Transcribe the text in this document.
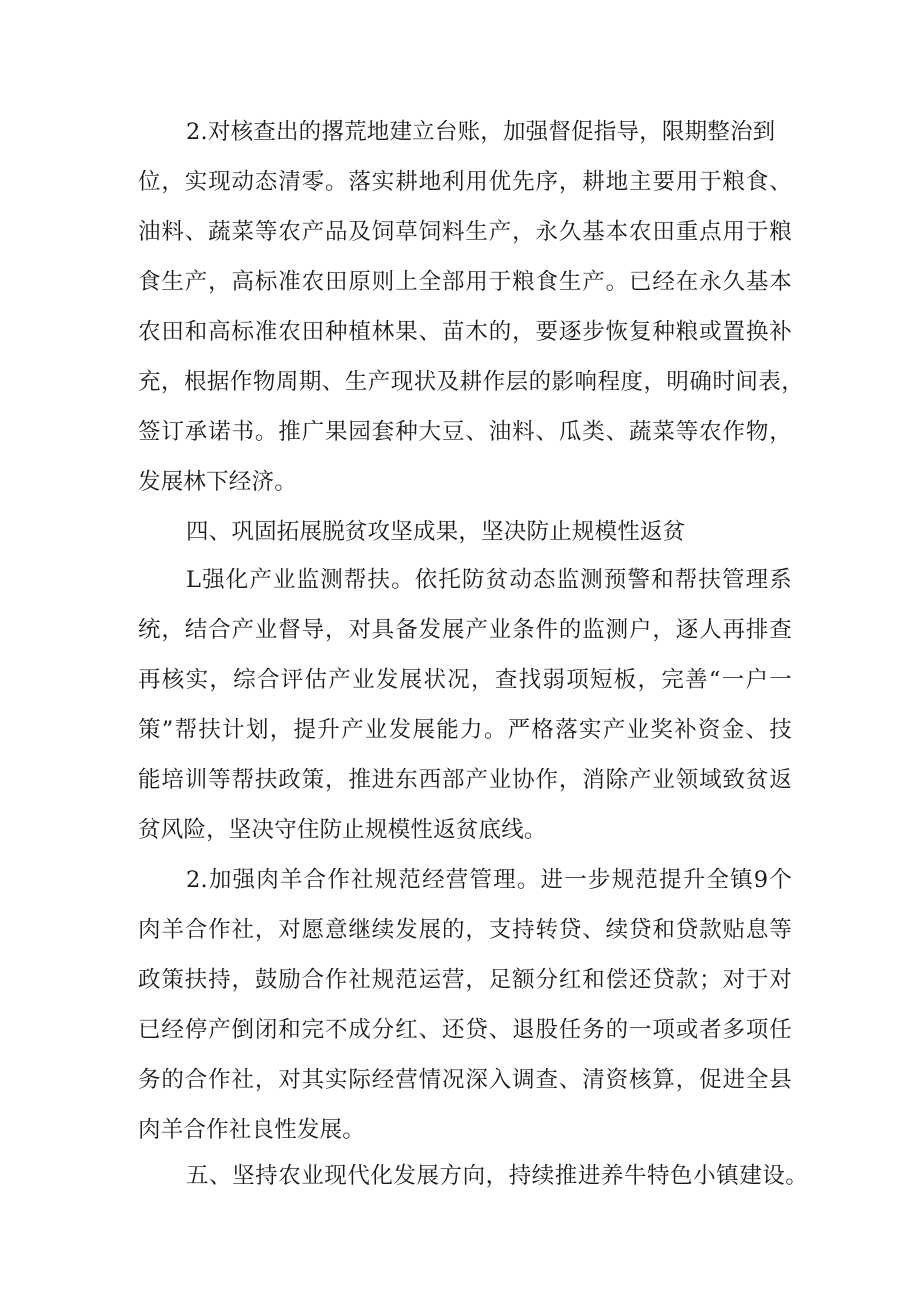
2.对核查出的撂荒地建立台账，加强督促指导，限期整治到
位，实现动态清零。落实耕地利用优先序，耕地主要用于粮食、
油料、蔬菜等农产品及饲草饲料生产，永久基本农田重点用于粮
食生产，高标准农田原则上全部用于粮食生产。已经在永久基本
农田和高标准农田种植林果、苗木的，要逐步恢复种粮或置换补
充，根据作物周期、生产现状及耕作层的影响程度，明确时间表，
签订承诺书。推广果园套种大豆、油料、瓜类、蔬菜等农作物，
发展林下经济。
四、巩固拓展脱贫攻坚成果，坚决防止规模性返贫
L强化产业监测帮扶。依托防贫动态监测预警和帮扶管理系
统，结合产业督导，对具备发展产业条件的监测户，逐人再排查
再核实，综合评估产业发展状况，查找弱项短板，完善“一户一
策”帮扶计划，提升产业发展能力。严格落实产业奖补资金、技
能培训等帮扶政策，推进东西部产业协作，消除产业领域致贫返
贫风险，坚决守住防止规模性返贫底线。
2.加强肉羊合作社规范经营管理。进一步规范提升全镇9个
肉羊合作社，对愿意继续发展的，支持转贷、续贷和贷款贴息等
政策扶持，鼓励合作社规范运营，足额分红和偿还贷款；对于对
已经停产倒闭和完不成分红、还贷、退股任务的一项或者多项任
务的合作社，对其实际经营情况深入调查、清资核算，促进全县
肉羊合作社良性发展。
五、坚持农业现代化发展方向，持续推进养牛特色小镇建设。
